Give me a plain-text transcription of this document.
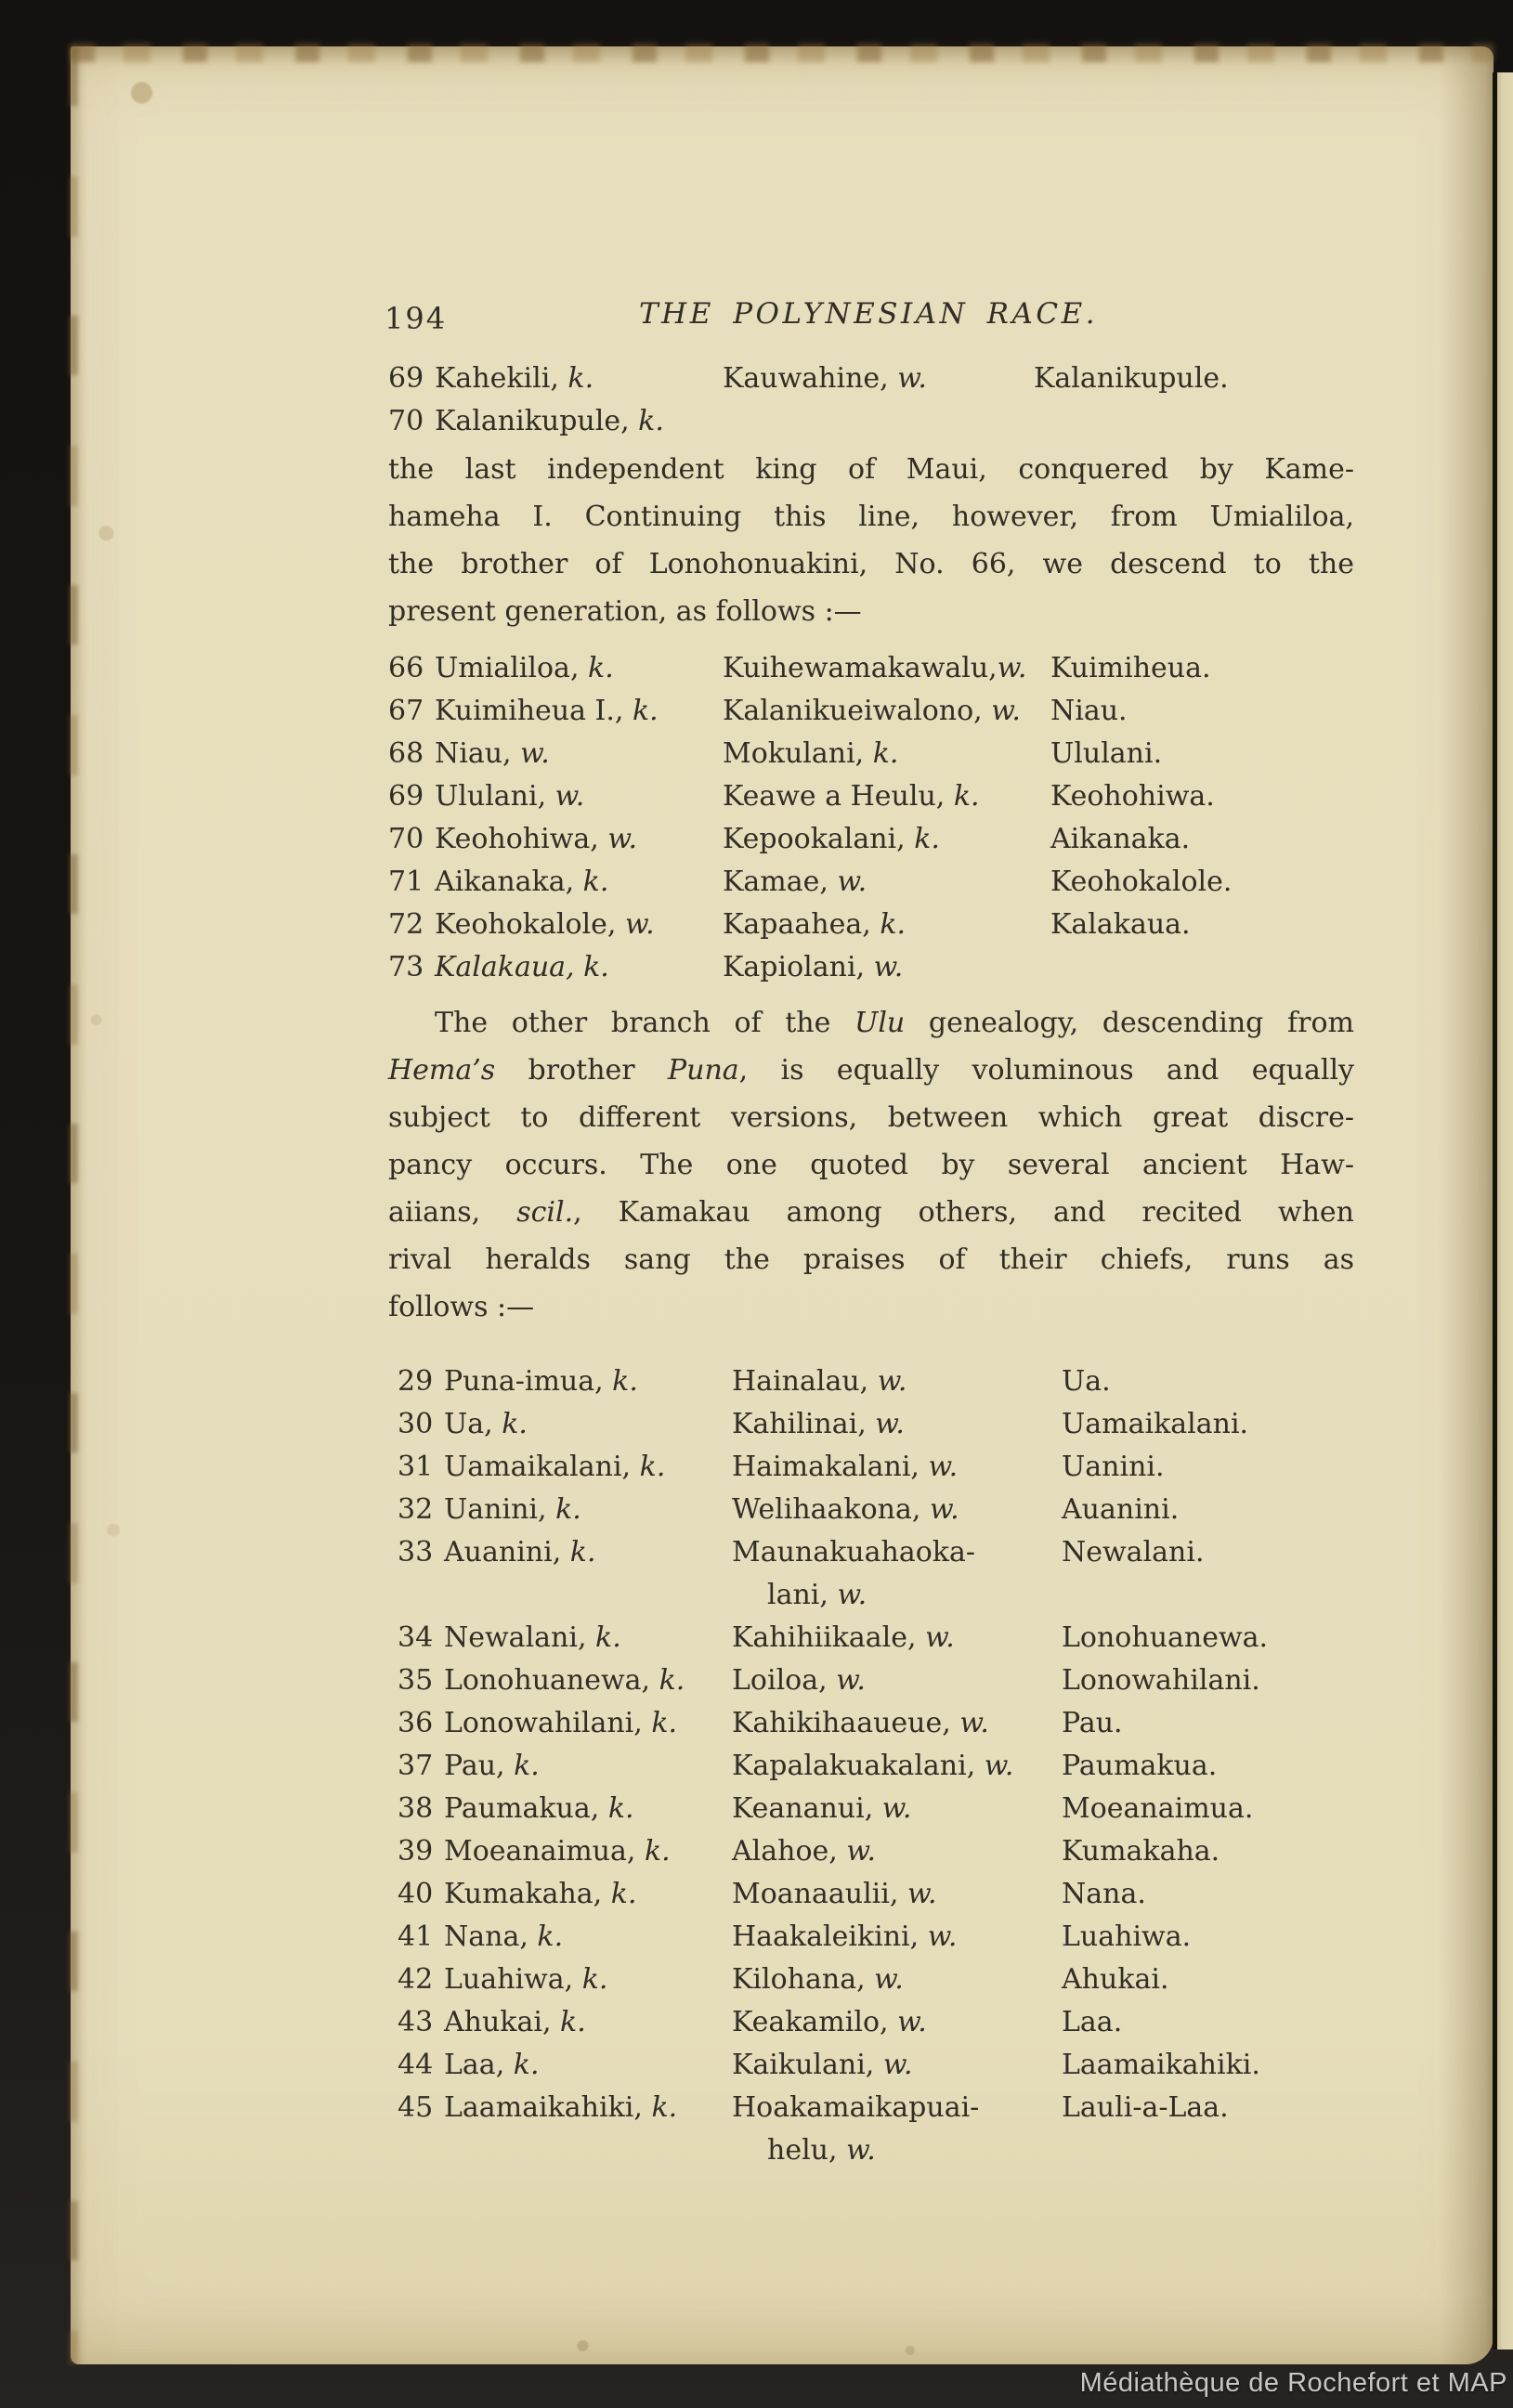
194	THE POLYNESIAN RACE.
69 Kahekili, k.	Kauwahine, w.	Kalanikupule.
70 Kalanikupule, k.
the last independent king of Maui, conquered by Kame-
hameha I. Continuing this line, however, from Umialiloa,
the brother of Lonohonuakini, No. 66, we descend to the
present generation, as follows :—
66 Umialiloa, k.	Kuihewamakawalu,w. Kuimiheua.
67 Kuimiheua I., k.	Kalanikueiwalono, w.	Niau.
68 Niau, w.	Mokulani, k.	Ululani.
69 Ululani, w.	Keawe a Heulu, k.	Keohohiwa.
70 Keohohiwa, w.	Kepookalani, k.	Aikanaka.
71 Aikanaka, k.	Kamae, w.	Keohokalole.
72 Keohokalole, w.	Kapaahea, k.	Kalakaua.
73 Kalakaua, k.	Kapiolani, w.
The other branch of the Ulu genealogy, descending from
Hema’s brother Puna, is equally voluminous and equally
subject to different versions, between which great discre-
pancy occurs. The one quoted by several ancient Haw-
aiians, scil., Kamakau among others, and recited when
rival heralds sang the praises of their chiefs, runs as
follows :—
29 Puna-imua, k.	Hainalau, w.	Ua.
30 Ua, k.	Kahilinai, w.	Uamaikalani.
31 Uamaikalani, k.	Haimakalani, w.	Uanini.
32 Uanini, k.	Welihaakona, w.	Auanini.
33 Auanini, k.	Maunakuahaoka-	Newalani.
lani, w.
34 Newalani, k.	Kahihiikaale, w.	Lonohuanewa.
35 Lonohuanewa, k.	Loiloa, w.	Lonowahilani.
36 Lonowahilani, k.	Kahikihaaueue, w.	Pau.
37 Pau, k.	Kapalakuakalani, w.	Paumakua.
38 Paumakua, k.	Keananui, w.	Moeanaimua.
39 Moeanaimua, k.	Alahoe, w.	Kumakaha.
40 Kumakaha, k.	Moanaaulii, w.	Nana.
41 Nana, k.	Haakaleikini, w.	Luahiwa.
42 Luahiwa, k.	Kilohana, w.	Ahukai.
43 Ahukai, k.	Keakamilo, w.	Laa.
44 Laa, k.	Kaikulani, w.	Laamaikahiki.
45 Laamaikahiki, k.	Hoakamaikapuai-	Lauli-a-Laa.
helu, w.
Médiathèque de Rochefort et MAP
